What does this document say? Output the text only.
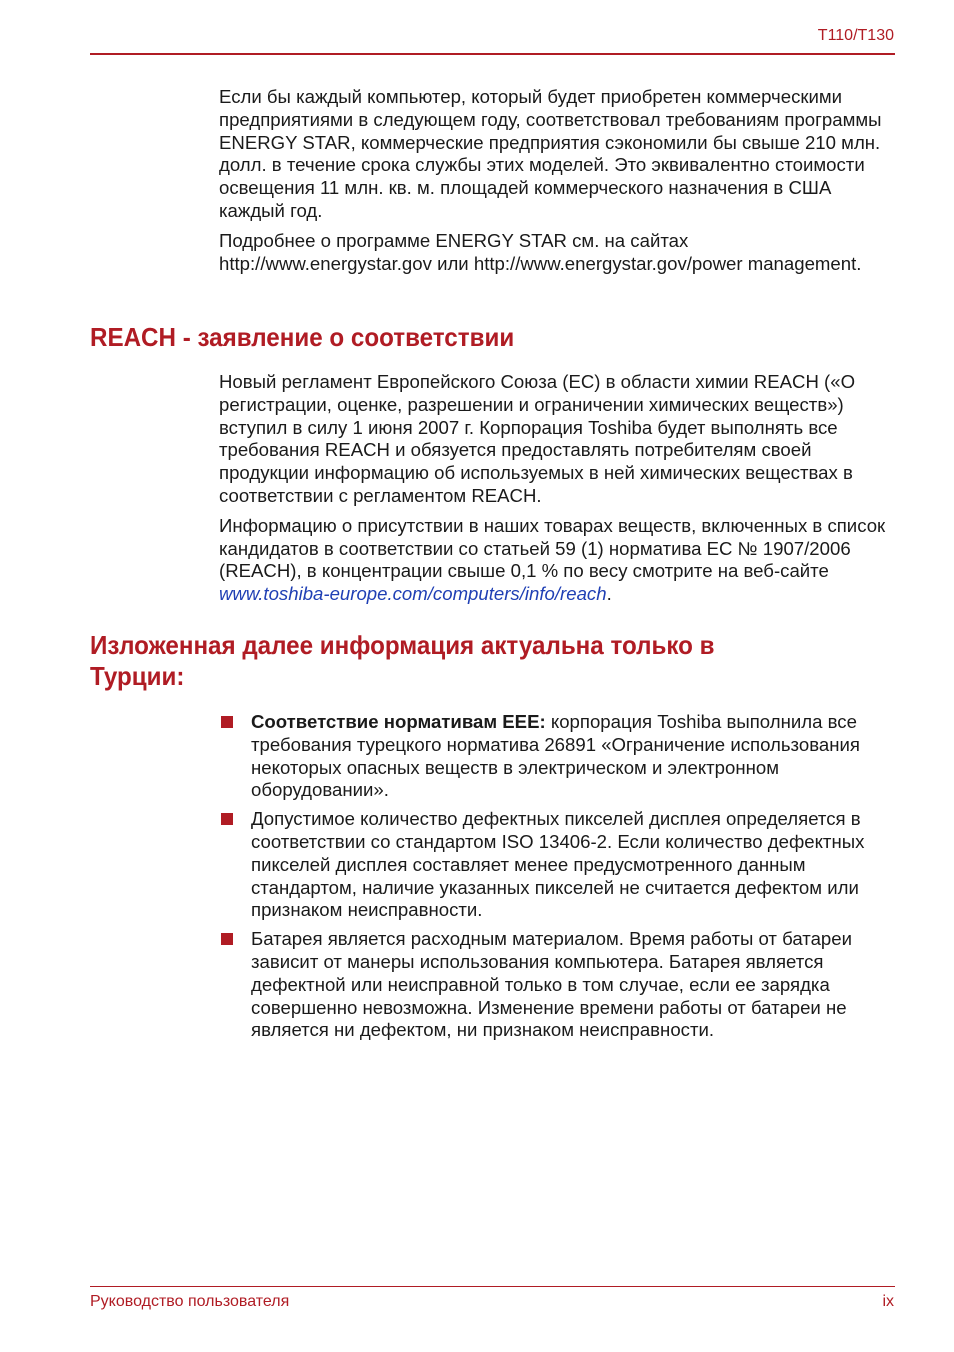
T110/T130

Если бы каждый компьютер, который будет приобретен коммерческими предприятиями в следующем году, соответствовал требованиям программы ENERGY STAR, коммерческие предприятия сэкономили бы свыше 210 млн. долл. в течение срока службы этих моделей. Это эквивалентно стоимости освещения 11 млн. кв. м. площадей коммерческого назначения в США каждый год.

Подробнее о программе ENERGY STAR см. на сайтах http://www.energystar.gov или http://www.energystar.gov/power management.

REACH - заявление о соответствии

Новый регламент Европейского Союза (ЕС) в области химии REACH («О регистрации, оценке, разрешении и ограничении химических веществ») вступил в силу 1 июня 2007 г. Корпорация Toshiba будет выполнять все требования REACH и обязуется предоставлять потребителям своей продукции информацию об используемых в ней химических веществах в соответствии с регламентом REACH.

Информацию о присутствии в наших товарах веществ, включенных в список кандидатов в соответствии со статьей 59 (1) норматива ЕС № 1907/2006 (REACH), в концентрации свыше 0,1 % по весу смотрите на веб-сайте www.toshiba-europe.com/computers/info/reach.

Изложенная далее информация актуальна только в Турции:
Соответствие нормативам EEE: корпорация Toshiba выполнила все требования турецкого норматива 26891 «Ограничение использования некоторых опасных веществ в электрическом и электронном оборудовании».
Допустимое количество дефектных пикселей дисплея определяется в соответствии со стандартом ISO 13406-2. Если количество дефектных пикселей дисплея составляет менее предусмотренного данным стандартом, наличие указанных пикселей не считается дефектом или признаком неисправности.
Батарея является расходным материалом. Время работы от батареи зависит от манеры использования компьютера. Батарея является дефектной или неисправной только в том случае, если ее зарядка совершенно невозможна. Изменение времени работы от батареи не является ни дефектом, ни признаком неисправности.
Руководство пользователя	ix
